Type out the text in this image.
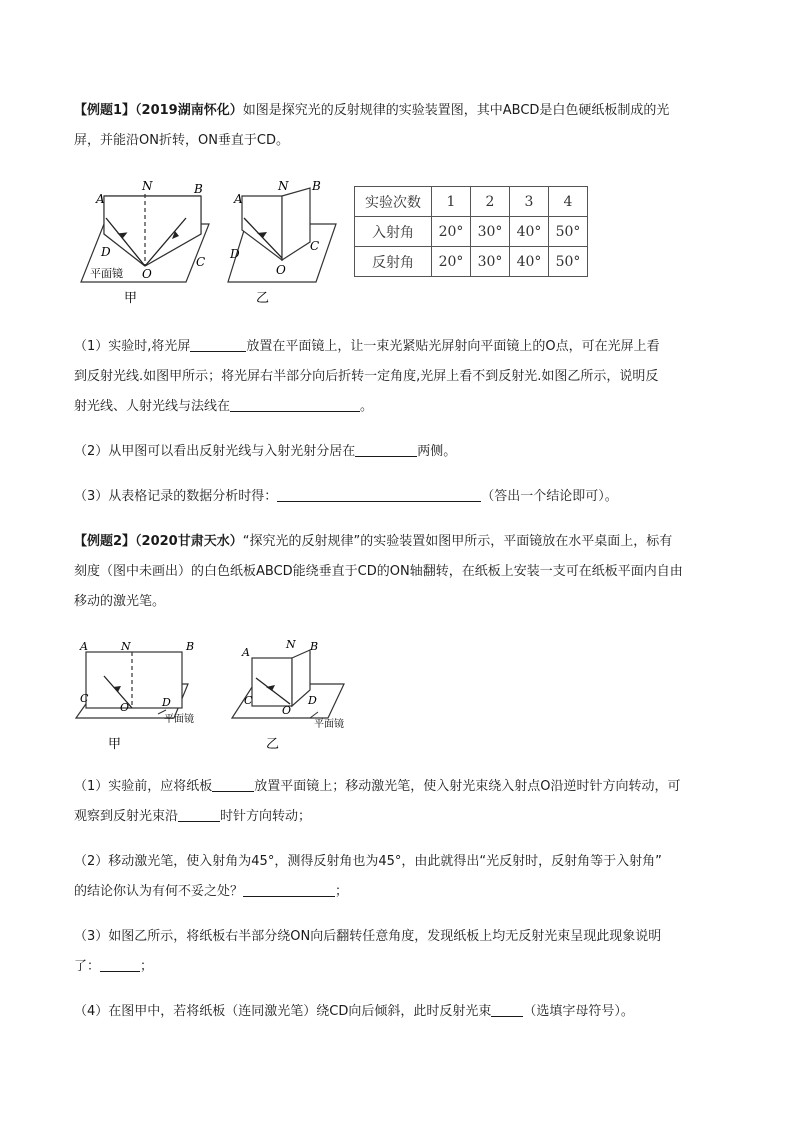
【例题1】（2019湖南怀化）如图是探究光的反射规律的实验装置图，其中ABCD是白色硬纸板制成的光
屏，并能沿ON折转，ON垂直于CD。
A
N	B
D
O
C
平面镜
甲
A
N B
D
O
C
乙
实验次数	1	2	3	4
入射角	20°	30°	40°	50°
反射角	20°	30°	40°	50°
（1）实验时,将光屏	放置在平面镜上，让一束光紧贴光屏射向平面镜上的O点，可在光屏上看
到反射光线.如图甲所示；将光屏右半部分向后折转一定角度,光屏上看不到反射光.如图乙所示，说明反
射光线、人射光线与法线在	。
（2）从甲图可以看出反射光线与入射光射分居在	两侧。
（3）从表格记录的数据分析时得：	（答出一个结论即可）。
【例题2】（2020甘肃天水）“探究光的反射规律”的实验装置如图甲所示，平面镜放在水平桌面上，标有
刻度（图中未画出）的白色纸板ABCD能绕垂直于CD的ON轴翻转，在纸板上安装一支可在纸板平面内自由
移动的激光笔。
A	N	B
C
O	D
平面镜
甲
A
N B
C
O
D
平面镜
乙
（1）实验前，应将纸板	放置平面镜上；移动激光笔，使入射光束绕入射点O沿逆时针方向转动，可
观察到反射光束沿	时针方向转动；
（2）移动激光笔，使入射角为45°，测得反射角也为45°，由此就得出“光反射时，反射角等于入射角”
的结论你认为有何不妥之处？	；
（3）如图乙所示，将纸板右半部分绕ON向后翻转任意角度，发现纸板上均无反射光束呈现此现象说明
了：	；
（4）在图甲中，若将纸板（连同激光笔）绕CD向后倾斜，此时反射光束 （选填字母符号）。
